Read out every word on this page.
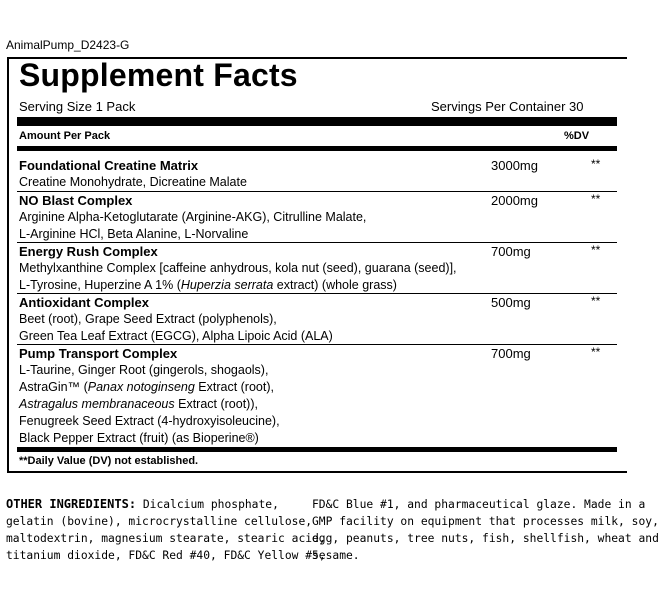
AnimalPump_D2423-G
Supplement Facts
Serving Size 1 Pack	Servings Per Container 30
Amount Per Pack	%DV
Foundational Creatine Matrix	3000mg	**
Creatine Monohydrate, Dicreatine Malate
NO Blast Complex	2000mg	**
Arginine Alpha-Ketoglutarate (Arginine-AKG), Citrulline Malate,
L-Arginine HCl, Beta Alanine, L-Norvaline
Energy Rush Complex	700mg	**
Methylxanthine Complex [caffeine anhydrous, kola nut (seed), guarana (seed)],
L-Tyrosine, Huperzine A 1% (Huperzia serrata extract) (whole grass)
Antioxidant Complex	500mg	**
Beet (root), Grape Seed Extract (polyphenols),
Green Tea Leaf Extract (EGCG), Alpha Lipoic Acid (ALA)
Pump Transport Complex	700mg	**
L-Taurine, Ginger Root (gingerols, shogaols),
AstraGin™ (Panax notoginseng Extract (root),
Astragalus membranaceous Extract (root)),
Fenugreek Seed Extract (4-hydroxyisoleucine),
Black Pepper Extract (fruit) (as Bioperine®)
**Daily Value (DV) not established.
OTHER INGREDIENTS: Dicalcium phosphate,
gelatin (bovine), microcrystalline cellulose,
maltodextrin, magnesium stearate, stearic acid,
titanium dioxide, FD&C Red #40, FD&C Yellow #5,
FD&C Blue #1, and pharmaceutical glaze. Made in a
GMP facility on equipment that processes milk, soy,
egg, peanuts, tree nuts, fish, shellfish, wheat and
sesame.
